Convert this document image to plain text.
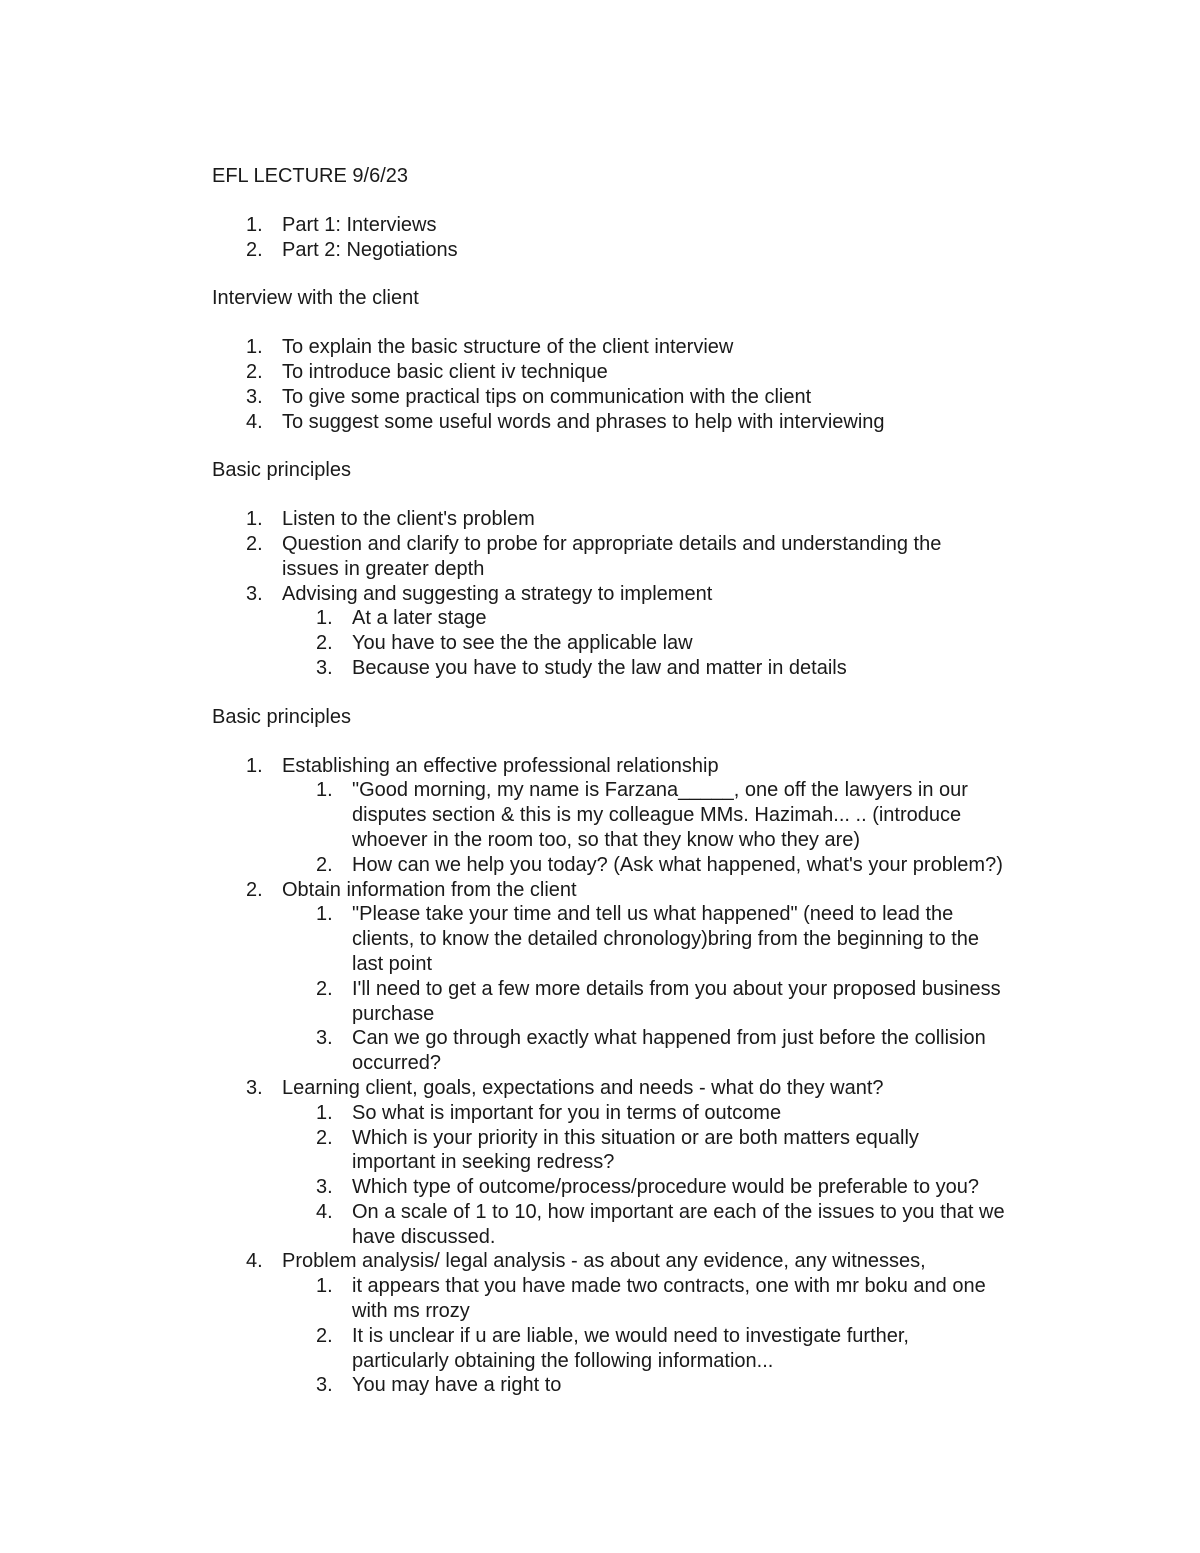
EFL LECTURE 9/6/23
1. Part 1: Interviews
2. Part 2: Negotiations
Interview with the client
1. To explain the basic structure of the client interview
2. To introduce basic client iv technique
3. To give some practical tips on communication with the client
4. To suggest some useful words and phrases to help with interviewing
Basic principles
1. Listen to the client's problem
2. Question and clarify to probe for appropriate details and understanding the
issues in greater depth
3. Advising and suggesting a strategy to implement
1. At a later stage
2. You have to see the the applicable law
3. Because you have to study the law and matter in details
Basic principles
1. Establishing an effective professional relationship
1. "Good morning, my name is Farzana_____, one off the lawyers in our
disputes section & this is my colleague MMs. Hazimah... .. (introduce
whoever in the room too, so that they know who they are)
2. How can we help you today? (Ask what happened, what's your problem?)
2. Obtain information from the client
1. "Please take your time and tell us what happened" (need to lead the
clients, to know the detailed chronology)bring from the beginning to the
last point
2. I'll need to get a few more details from you about your proposed business
purchase
3. Can we go through exactly what happened from just before the collision
occurred?
3. Learning client, goals, expectations and needs - what do they want?
1. So what is important for you in terms of outcome
2. Which is your priority in this situation or are both matters equally
important in seeking redress?
3. Which type of outcome/process/procedure would be preferable to you?
4. On a scale of 1 to 10, how important are each of the issues to you that we
have discussed.
4. Problem analysis/ legal analysis - as about any evidence, any witnesses,
1. it appears that you have made two contracts, one with mr boku and one
with ms rrozy
2. It is unclear if u are liable, we would need to investigate further,
particularly obtaining the following information...
3. You may have a right to
